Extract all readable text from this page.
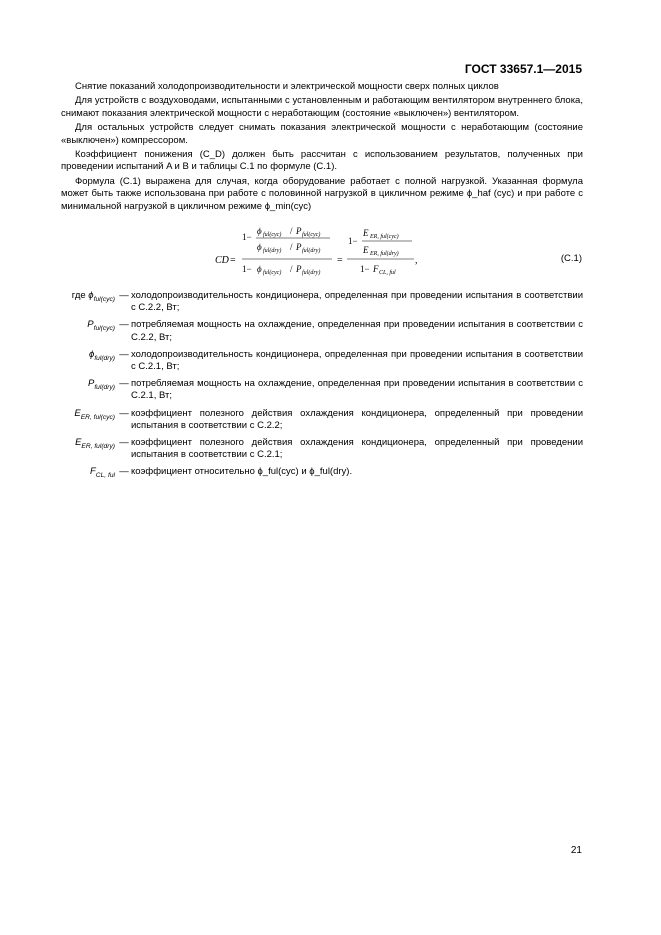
ГОСТ 33657.1—2015

Снятие показаний холодопроизводительности и электрической мощности сверх полных циклов

Для устройств с воздуховодами, испытанными с установленным и работающим вентилятором внутреннего блока, снимают показания электрической мощности с неработающим (состояние «выключен») вентилятором.

Для остальных устройств следует снимать показания электрической мощности с неработающим (состояние «выключен») компрессором.

Коэффициент понижения (C_D) должен быть рассчитан с использованием результатов, полученных при проведении испытаний A и B и таблицы C.1 по формуле (C.1).

Формула (C.1) выражена для случая, когда оборудование работает с полной нагрузкой. Указанная формула может быть также использована при работе с половинной нагрузкой в цикличном режиме ϕ_haf (cyc) и при работе с минимальной нагрузкой в цикличном режиме ϕ_min(cyc)

CD =
1−
ϕ ful(cyc) / P ful(cyc)
ϕ ful(dry) / P ful(dry)
1− ϕ ful(cyc) / P ful(dry)
=
1−
E ER, ful(cyc)
E ER, ful(dry)
1− F CL, ful
,	(C.1)
где $\phi_{ful(cyc)}$ — холодопроизводительность кондиционера, определенная при проведении испытания в соответствии с C.2.2, Вт;
$P_{ful(cyc)}$ — потребляемая мощность на охлаждение, определенная при проведении испытания в соответствии с C.2.2, Вт;
$\phi_{ful(dry)}$ — холодопроизводительность кондиционера, определенная при проведении испытания в соответствии с C.2.1, Вт;
$P_{ful(dry)}$ — потребляемая мощность на охлаждение, определенная при проведении испытания в соответствии с C.2.1, Вт;
$E_{ER, ful(cyc)}$ — коэффициент полезного действия охлаждения кондиционера, определенный при проведении испытания в соответствии с C.2.2;
$E_{ER, ful(dry)}$ — коэффициент полезного действия охлаждения кондиционера, определенный при проведении испытания в соответствии с C.2.1;
$F_{CL, ful}$ — коэффициент относительно ϕ_ful(cyc) и ϕ_ful(dry).
21
